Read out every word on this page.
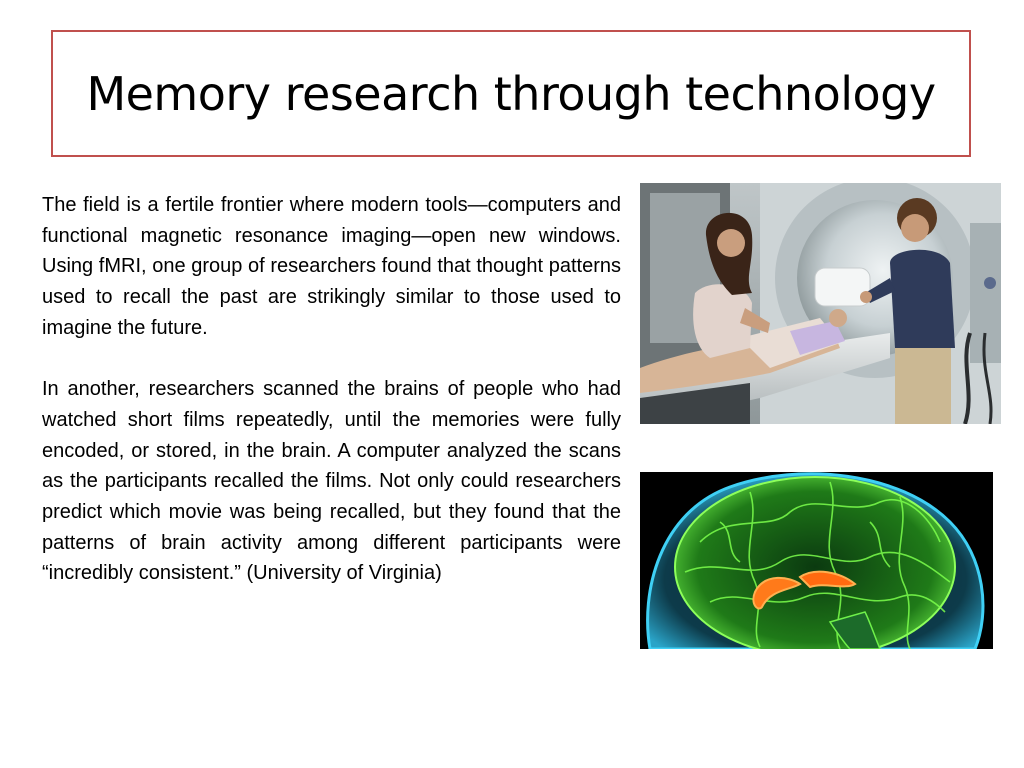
Memory research through technology

The field is a fertile frontier where modern tools—computers and functional magnetic resonance imaging—open new windows. Using fMRI, one group of researchers found that thought patterns used to recall the past are strikingly similar to those used to imagine the future.

In another, researchers scanned the brains of people who had watched short films repeatedly, until the memories were fully encoded, or stored, in the brain. A computer analyzed the scans as the participants recalled the films. Not only could researchers predict which movie was being recalled, but they found that the patterns of brain activity among different participants were “incredibly consistent.” (University of Virginia)
